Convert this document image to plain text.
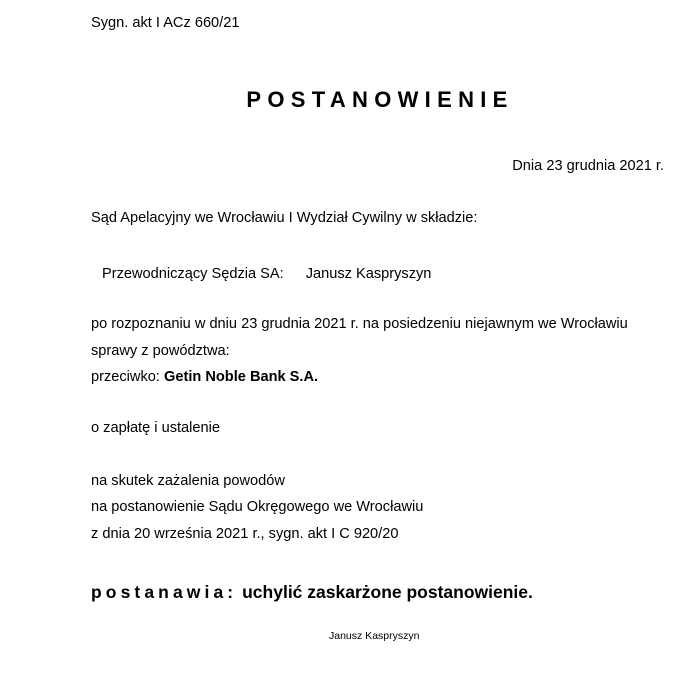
Sygn. akt I ACz 660/21
POSTANOWIENIE
Dnia 23 grudnia 2021 r.
Sąd Apelacyjny we Wrocławiu I Wydział Cywilny w składzie:
Przewodniczący Sędzia SA: Janusz Kaspryszyn
po rozpoznaniu w dniu 23 grudnia 2021 r. na posiedzeniu niejawnym we Wrocławiu
sprawy z powództwa:
przeciwko: Getin Noble Bank S.A.
o zapłatę i ustalenie
na skutek zażalenia powodów
na postanowienie Sądu Okręgowego we Wrocławiu
z dnia 20 września 2021 r., sygn. akt I C 920/20
postanawia: uchylić zaskarżone postanowienie.
Janusz Kaspryszyn
